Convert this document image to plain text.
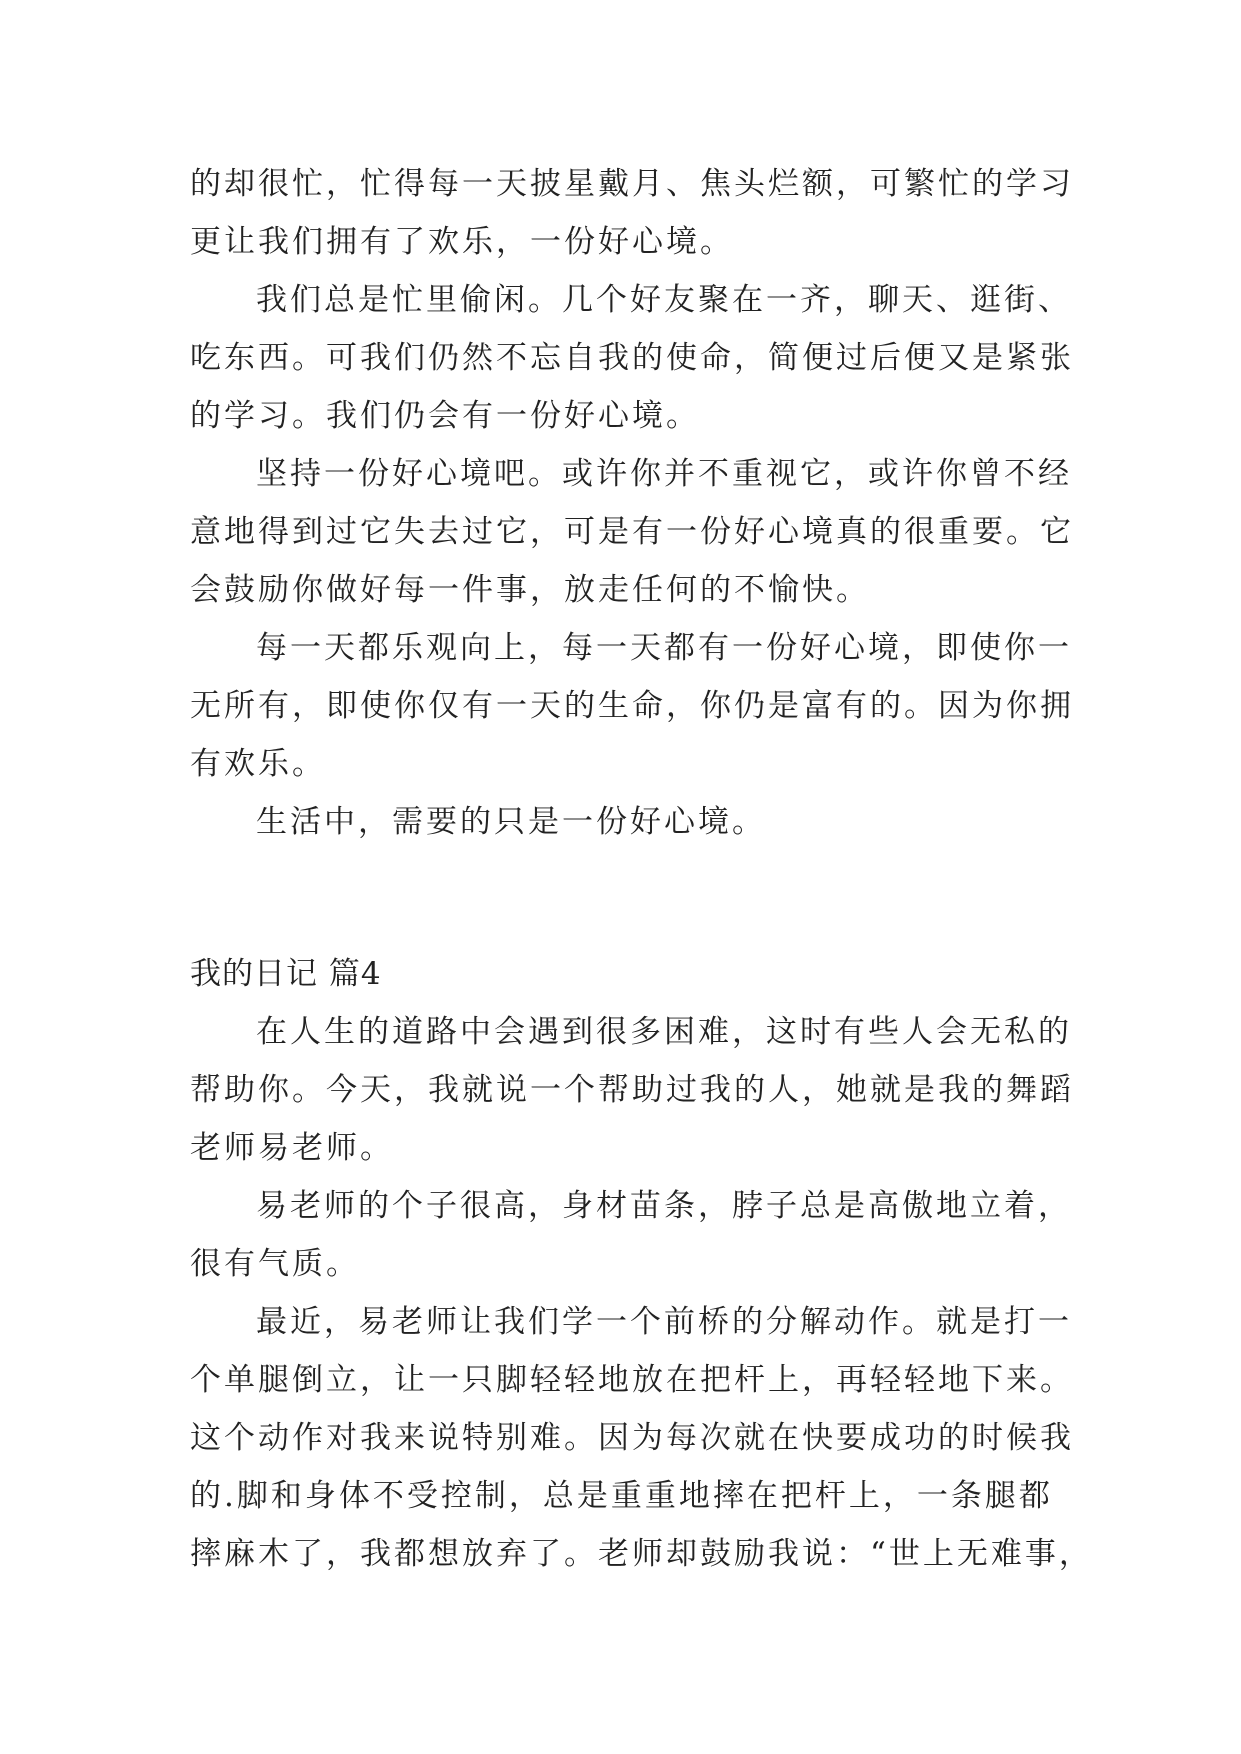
的却很忙，忙得每一天披星戴月、焦头烂额，可繁忙的学习
更让我们拥有了欢乐，一份好心境。
我们总是忙里偷闲。几个好友聚在一齐，聊天、逛街、
吃东西。可我们仍然不忘自我的使命，简便过后便又是紧张
的学习。我们仍会有一份好心境。
坚持一份好心境吧。或许你并不重视它，或许你曾不经
意地得到过它失去过它，可是有一份好心境真的很重要。它
会鼓励你做好每一件事，放走任何的不愉快。
每一天都乐观向上，每一天都有一份好心境，即使你一
无所有，即使你仅有一天的生命，你仍是富有的。因为你拥
有欢乐。
生活中，需要的只是一份好心境。
我的日记 篇4
在人生的道路中会遇到很多困难，这时有些人会无私的
帮助你。今天，我就说一个帮助过我的人，她就是我的舞蹈
老师易老师。
易老师的个子很高，身材苗条，脖子总是高傲地立着，
很有气质。
最近，易老师让我们学一个前桥的分解动作。就是打一
个单腿倒立，让一只脚轻轻地放在把杆上，再轻轻地下来。
这个动作对我来说特别难。因为每次就在快要成功的时候我
的.脚和身体不受控制，总是重重地摔在把杆上，一条腿都
摔麻木了，我都想放弃了。老师却鼓励我说：“世上无难事，
